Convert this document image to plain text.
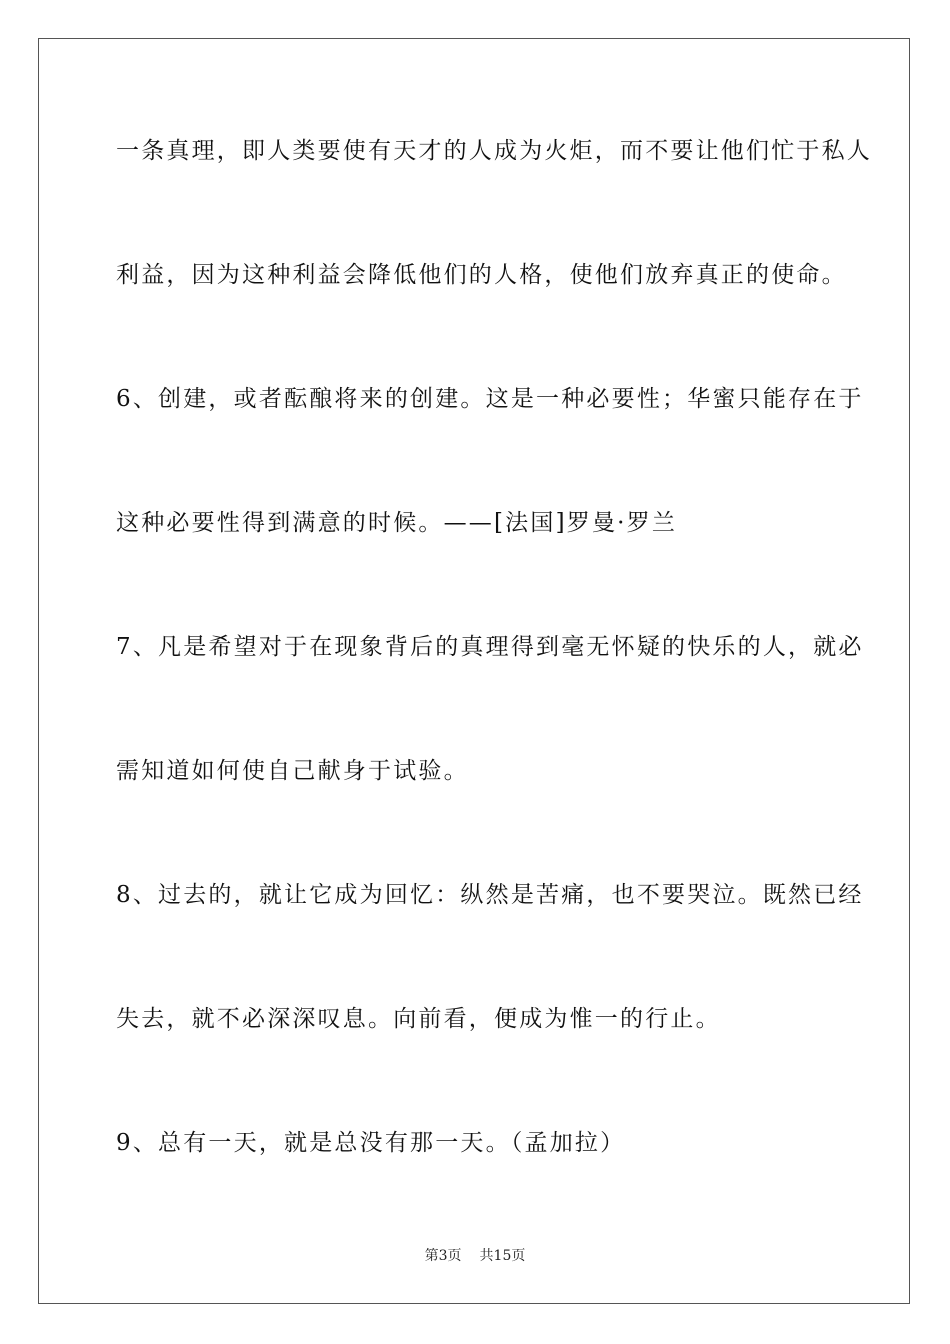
一条真理，即人类要使有天才的人成为火炬，而不要让他们忙于私人
利益，因为这种利益会降低他们的人格，使他们放弃真正的使命。
6、创建，或者酝酿将来的创建。这是一种必要性；华蜜只能存在于
这种必要性得到满意的时候。——[法国]罗曼·罗兰
7、凡是希望对于在现象背后的真理得到毫无怀疑的快乐的人，就必
需知道如何使自己献身于试验。
8、过去的，就让它成为回忆：纵然是苦痛，也不要哭泣。既然已经
失去，就不必深深叹息。向前看，便成为惟一的行止。
9、总有一天，就是总没有那一天。（孟加拉）
第3页 共15页
